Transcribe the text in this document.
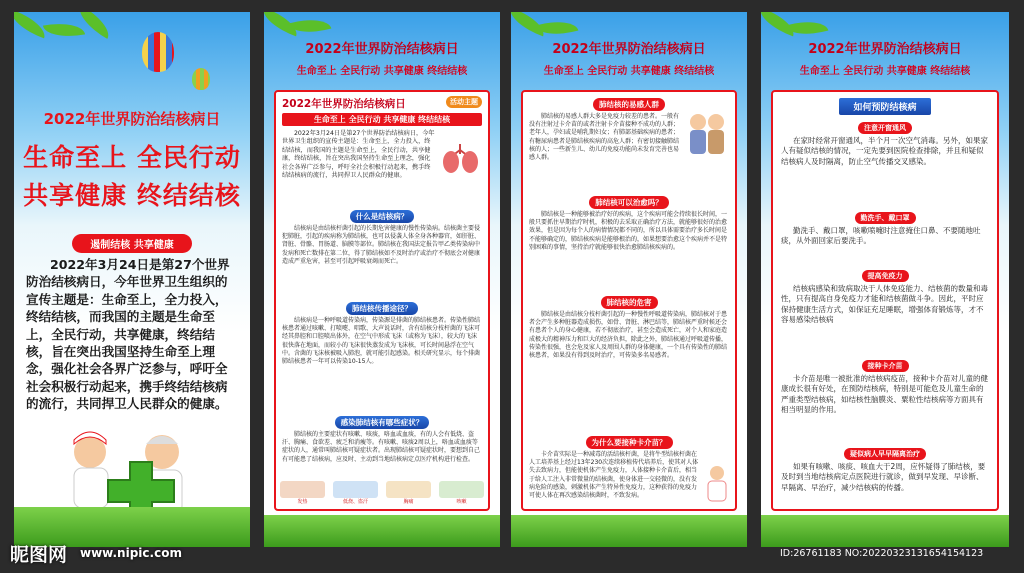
2022年世界防治结核病日
生命至上 全民行动
共享健康 终结结核
遏制结核 共享健康
2022年3月24日是第27个世界防治结核病日，今年世界卫生组织的宣传主题是：生命至上，全力投入，终结结核，而我国的主题是生命至上，全民行动，共享健康，终结结核，旨在突出我国坚持生命至上理念，强化社会各界广泛参与，呼吁全社会积极行动起来，携手终结结核病的流行，共同捍卫人民群众的健康。
2022年世界防治结核病日
生命至上 全民行动 共享健康 终结结核
2022年世界防治结核病日	活动主题
生命至上 全民行动 共享健康 终结结核
2022年3月24日是第27个世界防治结核病日，今年世界卫生组织的宣传主题是：生命至上，全力投入，终结结核，而我国的主题是生命至上，全民行动，共享健康，终结结核，旨在突出我国坚持生命至上理念，强化社会各界广泛参与，呼吁全社会积极行动起来，携手终结结核病的流行，共同捍卫人民群众的健康。
什么是结核病？
结核病是由结核杆菌引起的长期危害健康的慢性传染病。结核菌主要侵犯肺脏，引起的疾病称为肺结核，也可以侵袭人体全身各种器官，如肝脏、肾脏、骨骼、胃肠道、脑膜等部位。肺结核在我国法定报告甲乙类传染病中发病和死亡数排在第二位，得了肺结核如不及时治疗或治疗不彻底会对健康造成严重危害，甚至可引起呼吸衰竭而死亡。
肺结核传播途径？
结核病是一种呼吸道传染病，传染源是排菌的肺结核患者。传染性肺结核患者通过咳嗽、打喷嚏、唱歌、大声说话时，含有结核分枝杆菌的飞沫可经其鼻腔和口腔喷出体外，在空气中形成飞沫（或称为飞沫），较大的飞沫很快落在地面，而较小的飞沫很快蒸发成为飞沫核，可长时间悬浮在空气中。含菌的飞沫核被吸入肺泡，就可能引起感染。相关研究显示，每个排菌肺结核患者一年可以传染10-15人。
感染肺结核有哪些症状？
肺结核的主要症状有咳嗽、咳痰，咯血或血痰，有的人会有低烧、盗汗、胸痛、食欲差、疲乏和消瘦等。有咳嗽、咳痰2周以上，咯血或血痰等症状的人，通常叫肺结核可疑症状者。出现肺结核可疑症状时，要想到自己有可能患了结核病，应及时、主动到当地结核病定点医疗机构进行检查。
发热	低烧、盗汗	胸痛	咳嗽
2022年世界防治结核病日
生命至上 全民行动 共享健康 终结结核
肺结核的易感人群
肺结核的易感人群大多是免疫力较差的患者。一般有没有注射过卡介苗的或者注射卡介苗接种不成功的人群；老年人，孕妇或是哺乳期妇女；有肺部基础疾病的患者；有糖尿病患者是肺结核疾病的高危人群；有密切接触肺结核的人；一些新生儿、幼儿的免疫功能尚未发育完善也易感人群。
肺结核可以治愈吗？
肺结核是一种能够被治疗好的疾病，这个疾病可能会持续很长时间，一般只要抓住早期治疗时机，积极的去采取正确治疗方法，就能够很好的治愈效果，但是因为每个人的病情情况都不同的，所以具体需要治疗多长时间是不能够确定的，肺结核疾病是能够根治的，如果想要治愈这个疾病并不是特别困难的事情，坚持治疗就能够很快治愈肺结核疾病的。
肺结核的危害
肺结核是由结核分枝杆菌引起的一种慢性呼吸道传染病，肺结核对于患者会产生多种脏器造成损伤，如骨、肾脏、淋巴结等，肺结核严重时候还会有患者个人的身心健康，若不彻底治疗，甚至会造成死亡，对个人和家庭造成极大的精神压力和巨大的经济负担，除此之外，肺结核通过呼吸道传播，传染性很强，也会危及家人及周围人群的身体健康，一个具有传染性的肺结核患者，如果没有得到及时治疗，可传染多名易感者。
为什么要接种卡介苗？
卡介苗实际是一种减毒的活结核杆菌，是将牛型结核杆菌在人工培养基上经过13年230次连续移植传代培养后，使其对人体失去致病力，但能使机体产生免疫力，人体接种卡介苗后，相当于给人工注入非常微量的结核菌，使身体进一交轻微的，没有发病危险的感染，刺激机体产生特异性免疫力，这种获得的免疫力可使人体在再次感染结核菌时，不致发病。
2022年世界防治结核病日
生命至上 全民行动 共享健康 终结结核
如何预防结核病
注意开窗通风
在家时经常开窗通风，半个月一次空气消毒。另外，如果家人有疑似结核的情况，一定先要到医院检查排除，并且和疑似结核病人及时隔离，防止空气传播交叉感染。
勤洗手、戴口罩
勤洗手、戴口罩，咳嗽喷嚏时注意掩住口鼻、不要随地吐痰，从外面回家后要洗手。
提高免疫力
结核病感染和致病取决于人体免疫能力、结核菌的数量和毒性，只有提高自身免疫力才能和结核菌做斗争。因此，平时应保持健康生活方式，如保证充足睡眠，增强体育锻炼等，才不容易感染结核病
接种卡介苗
卡介苗是唯一被批准的结核病疫苗，接种卡介苗对儿童的健康成长很有好处，在预防结核病，特别是可能危及儿童生命的严重类型结核病，如结核性脑膜炎、粟粒性结核病等方面具有相当明显的作用。
疑似病人早早隔离治疗
如果有咳嗽、咳痰、咳血大于2周，应怀疑得了肺结核，要及时到当地结核病定点医院进行就诊，做到早发现、早诊断、早隔离、早治疗，减少结核病的传播。
昵图网 www.nipic.com	ID:26761183 NO:20220323131654154123
